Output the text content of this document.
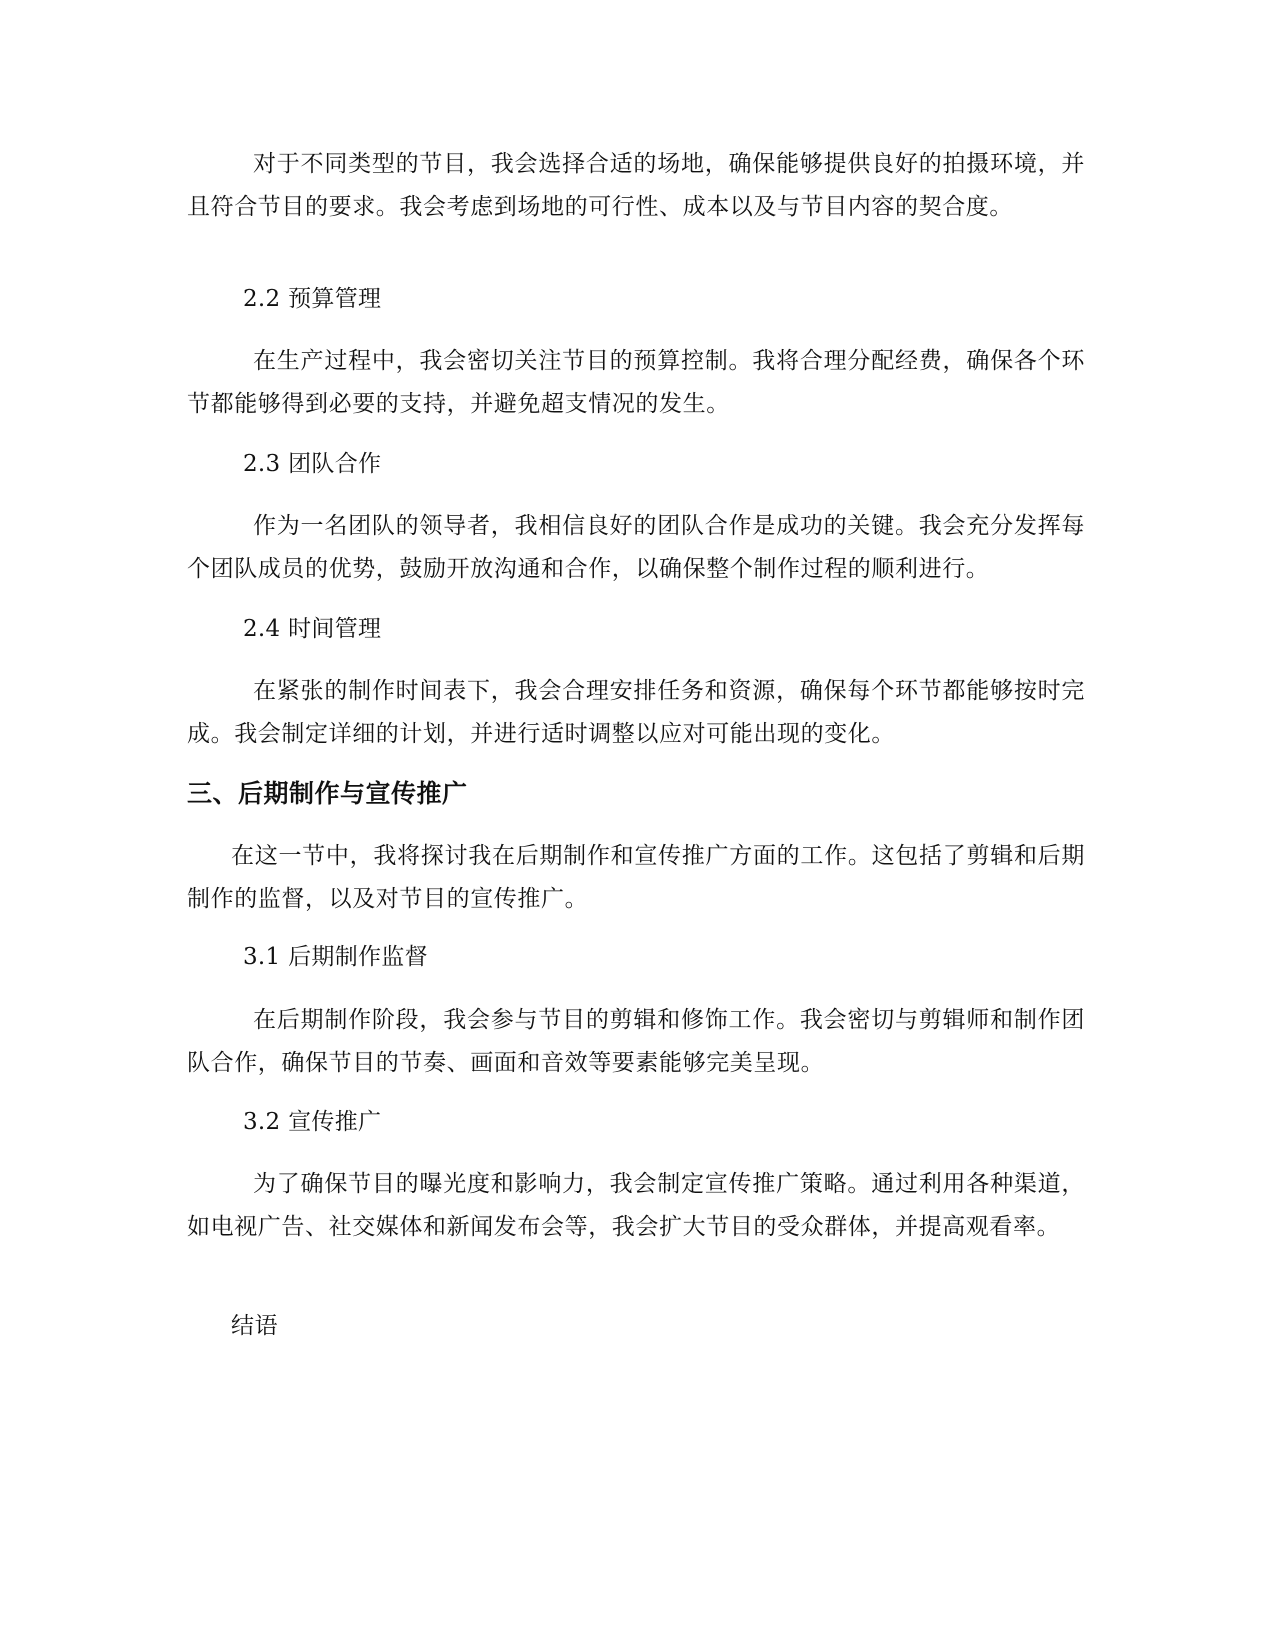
对于不同类型的节目，我会选择合适的场地，确保能够提供良好的拍摄环境，并且符合节目的要求。我会考虑到场地的可行性、成本以及与节目内容的契合度。

2.2 预算管理

在生产过程中，我会密切关注节目的预算控制。我将合理分配经费，确保各个环节都能够得到必要的支持，并避免超支情况的发生。

2.3 团队合作

作为一名团队的领导者，我相信良好的团队合作是成功的关键。我会充分发挥每个团队成员的优势，鼓励开放沟通和合作，以确保整个制作过程的顺利进行。

2.4 时间管理

在紧张的制作时间表下，我会合理安排任务和资源，确保每个环节都能够按时完成。我会制定详细的计划，并进行适时调整以应对可能出现的变化。

三、后期制作与宣传推广

在这一节中，我将探讨我在后期制作和宣传推广方面的工作。这包括了剪辑和后期制作的监督，以及对节目的宣传推广。

3.1 后期制作监督

在后期制作阶段，我会参与节目的剪辑和修饰工作。我会密切与剪辑师和制作团队合作，确保节目的节奏、画面和音效等要素能够完美呈现。

3.2 宣传推广

为了确保节目的曝光度和影响力，我会制定宣传推广策略。通过利用各种渠道，如电视广告、社交媒体和新闻发布会等，我会扩大节目的受众群体，并提高观看率。

结语
